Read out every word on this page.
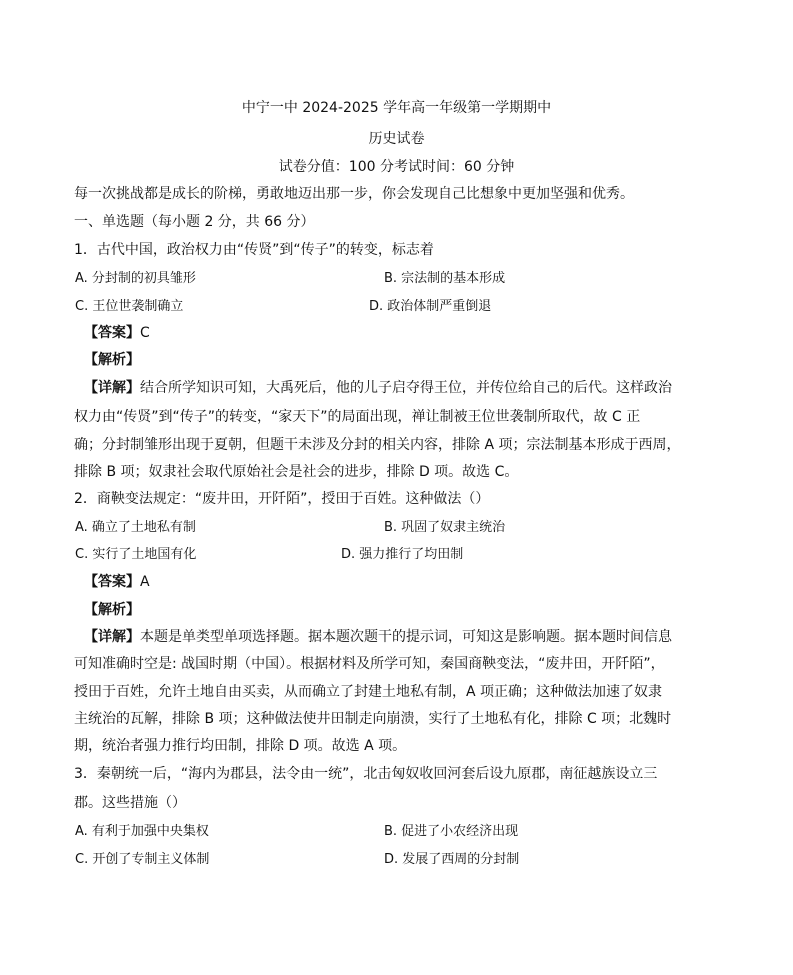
中宁一中 2024-2025 学年高一年级第一学期期中
历史试卷
试卷分值：100 分考试时间：60 分钟
每一次挑战都是成长的阶梯，勇敢地迈出那一步，你会发现自己比想象中更加坚强和优秀。
一、单选题（每小题 2 分，共 66 分）
1．古代中国，政治权力由“传贤”到“传子”的转变，标志着
A. 分封制的初具雏形	B. 宗法制的基本形成
C. 王位世袭制确立	D. 政治体制严重倒退
【答案】C
【解析】
【详解】结合所学知识可知，大禹死后，他的儿子启夺得王位，并传位给自己的后代。这样政治
权力由“传贤”到“传子”的转变，“家天下”的局面出现，禅让制被王位世袭制所取代，故 C 正
确；分封制雏形出现于夏朝，但题干未涉及分封的相关内容，排除 A 项；宗法制基本形成于西周，
排除 B 项；奴隶社会取代原始社会是社会的进步，排除 D 项。故选 C。
2．商鞅变法规定：“废井田，开阡陌”，授田于百姓。这种做法（）
A. 确立了土地私有制	B. 巩固了奴隶主统治
C. 实行了土地国有化	D. 强力推行了均田制
【答案】A
【解析】
【详解】本题是单类型单项选择题。据本题次题干的提示词，可知这是影响题。据本题时间信息
可知准确时空是: 战国时期（中国）。根据材料及所学可知，秦国商鞅变法，“废井田，开阡陌”，
授田于百姓，允许土地自由买卖，从而确立了封建土地私有制，A 项正确；这种做法加速了奴隶
主统治的瓦解，排除 B 项；这种做法使井田制走向崩溃，实行了土地私有化，排除 C 项；北魏时
期，统治者强力推行均田制，排除 D 项。故选 A 项。
3．秦朝统一后，“海内为郡县，法令由一统”，北击匈奴收回河套后设九原郡，南征越族设立三
郡。这些措施（）
A. 有利于加强中央集权	B. 促进了小农经济出现
C. 开创了专制主义体制	D. 发展了西周的分封制
